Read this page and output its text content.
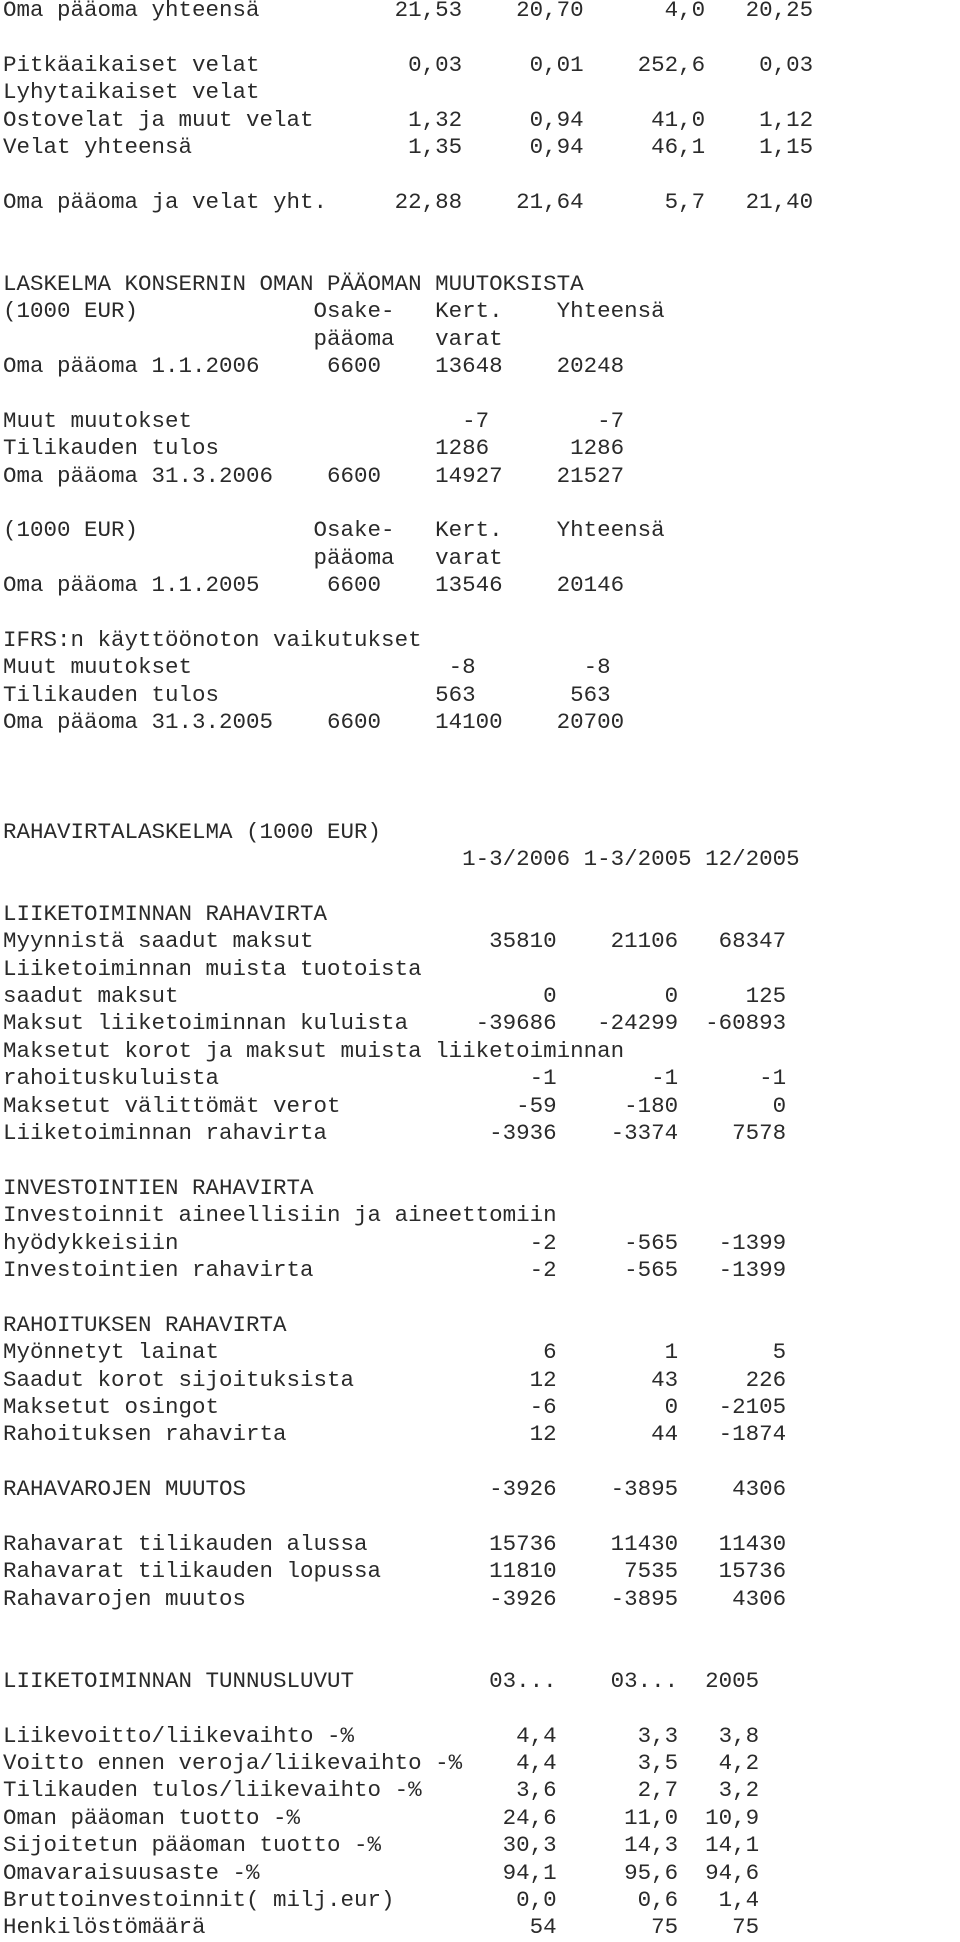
Oma pääoma yhteensä          21,53    20,70      4,0   20,25
Pitkäaikaiset velat           0,03     0,01    252,6    0,03
Lyhytaikaiset velat
Ostovelat ja muut velat       1,32     0,94     41,0    1,12
Velat yhteensä                1,35     0,94     46,1    1,15
Oma pääoma ja velat yht.     22,88    21,64      5,7   21,40
LASKELMA KONSERNIN OMAN PÄÄOMAN MUUTOKSISTA
(1000 EUR)             Osake-   Kert.    Yhteensä
pääoma   varat
Oma pääoma 1.1.2006     6600    13648    20248
Muut muutokset                    -7        -7
Tilikauden tulos                1286      1286
Oma pääoma 31.3.2006    6600    14927    21527
(1000 EUR)             Osake-   Kert.    Yhteensä
pääoma   varat
Oma pääoma 1.1.2005     6600    13546    20146
IFRS:n käyttöönoton vaikutukset
Muut muutokset                   -8        -8
Tilikauden tulos                563       563
Oma pääoma 31.3.2005    6600    14100    20700
RAHAVIRTALASKELMA (1000 EUR)
1-3/2006 1-3/2005 12/2005
LIIKETOIMINNAN RAHAVIRTA
Myynnistä saadut maksut             35810    21106   68347
Liiketoiminnan muista tuotoista
saadut maksut                           0        0     125
Maksut liiketoiminnan kuluista     -39686   -24299  -60893
Maksetut korot ja maksut muista liiketoiminnan
rahoituskuluista                       -1       -1      -1
Maksetut välittömät verot             -59     -180       0
Liiketoiminnan rahavirta            -3936    -3374    7578
INVESTOINTIEN RAHAVIRTA
Investoinnit aineellisiin ja aineettomiin
hyödykkeisiin                          -2     -565   -1399
Investointien rahavirta                -2     -565   -1399
RAHOITUKSEN RAHAVIRTA
Myönnetyt lainat                        6        1       5
Saadut korot sijoituksista             12       43     226
Maksetut osingot                       -6        0   -2105
Rahoituksen rahavirta                  12       44   -1874
RAHAVAROJEN MUUTOS                  -3926    -3895    4306
Rahavarat tilikauden alussa         15736    11430   11430
Rahavarat tilikauden lopussa        11810     7535   15736
Rahavarojen muutos                  -3926    -3895    4306
LIIKETOIMINNAN TUNNUSLUVUT          03...    03...  2005
Liikevoitto/liikevaihto -%            4,4      3,3   3,8
Voitto ennen veroja/liikevaihto -%    4,4      3,5   4,2
Tilikauden tulos/liikevaihto -%       3,6      2,7   3,2
Oman pääoman tuotto -%               24,6     11,0  10,9
Sijoitetun pääoman tuotto -%         30,3     14,3  14,1
Omavaraisuusaste -%                  94,1     95,6  94,6
Bruttoinvestoinnit( milj.eur)         0,0      0,6   1,4
Henkilöstömäärä                        54       75    75
